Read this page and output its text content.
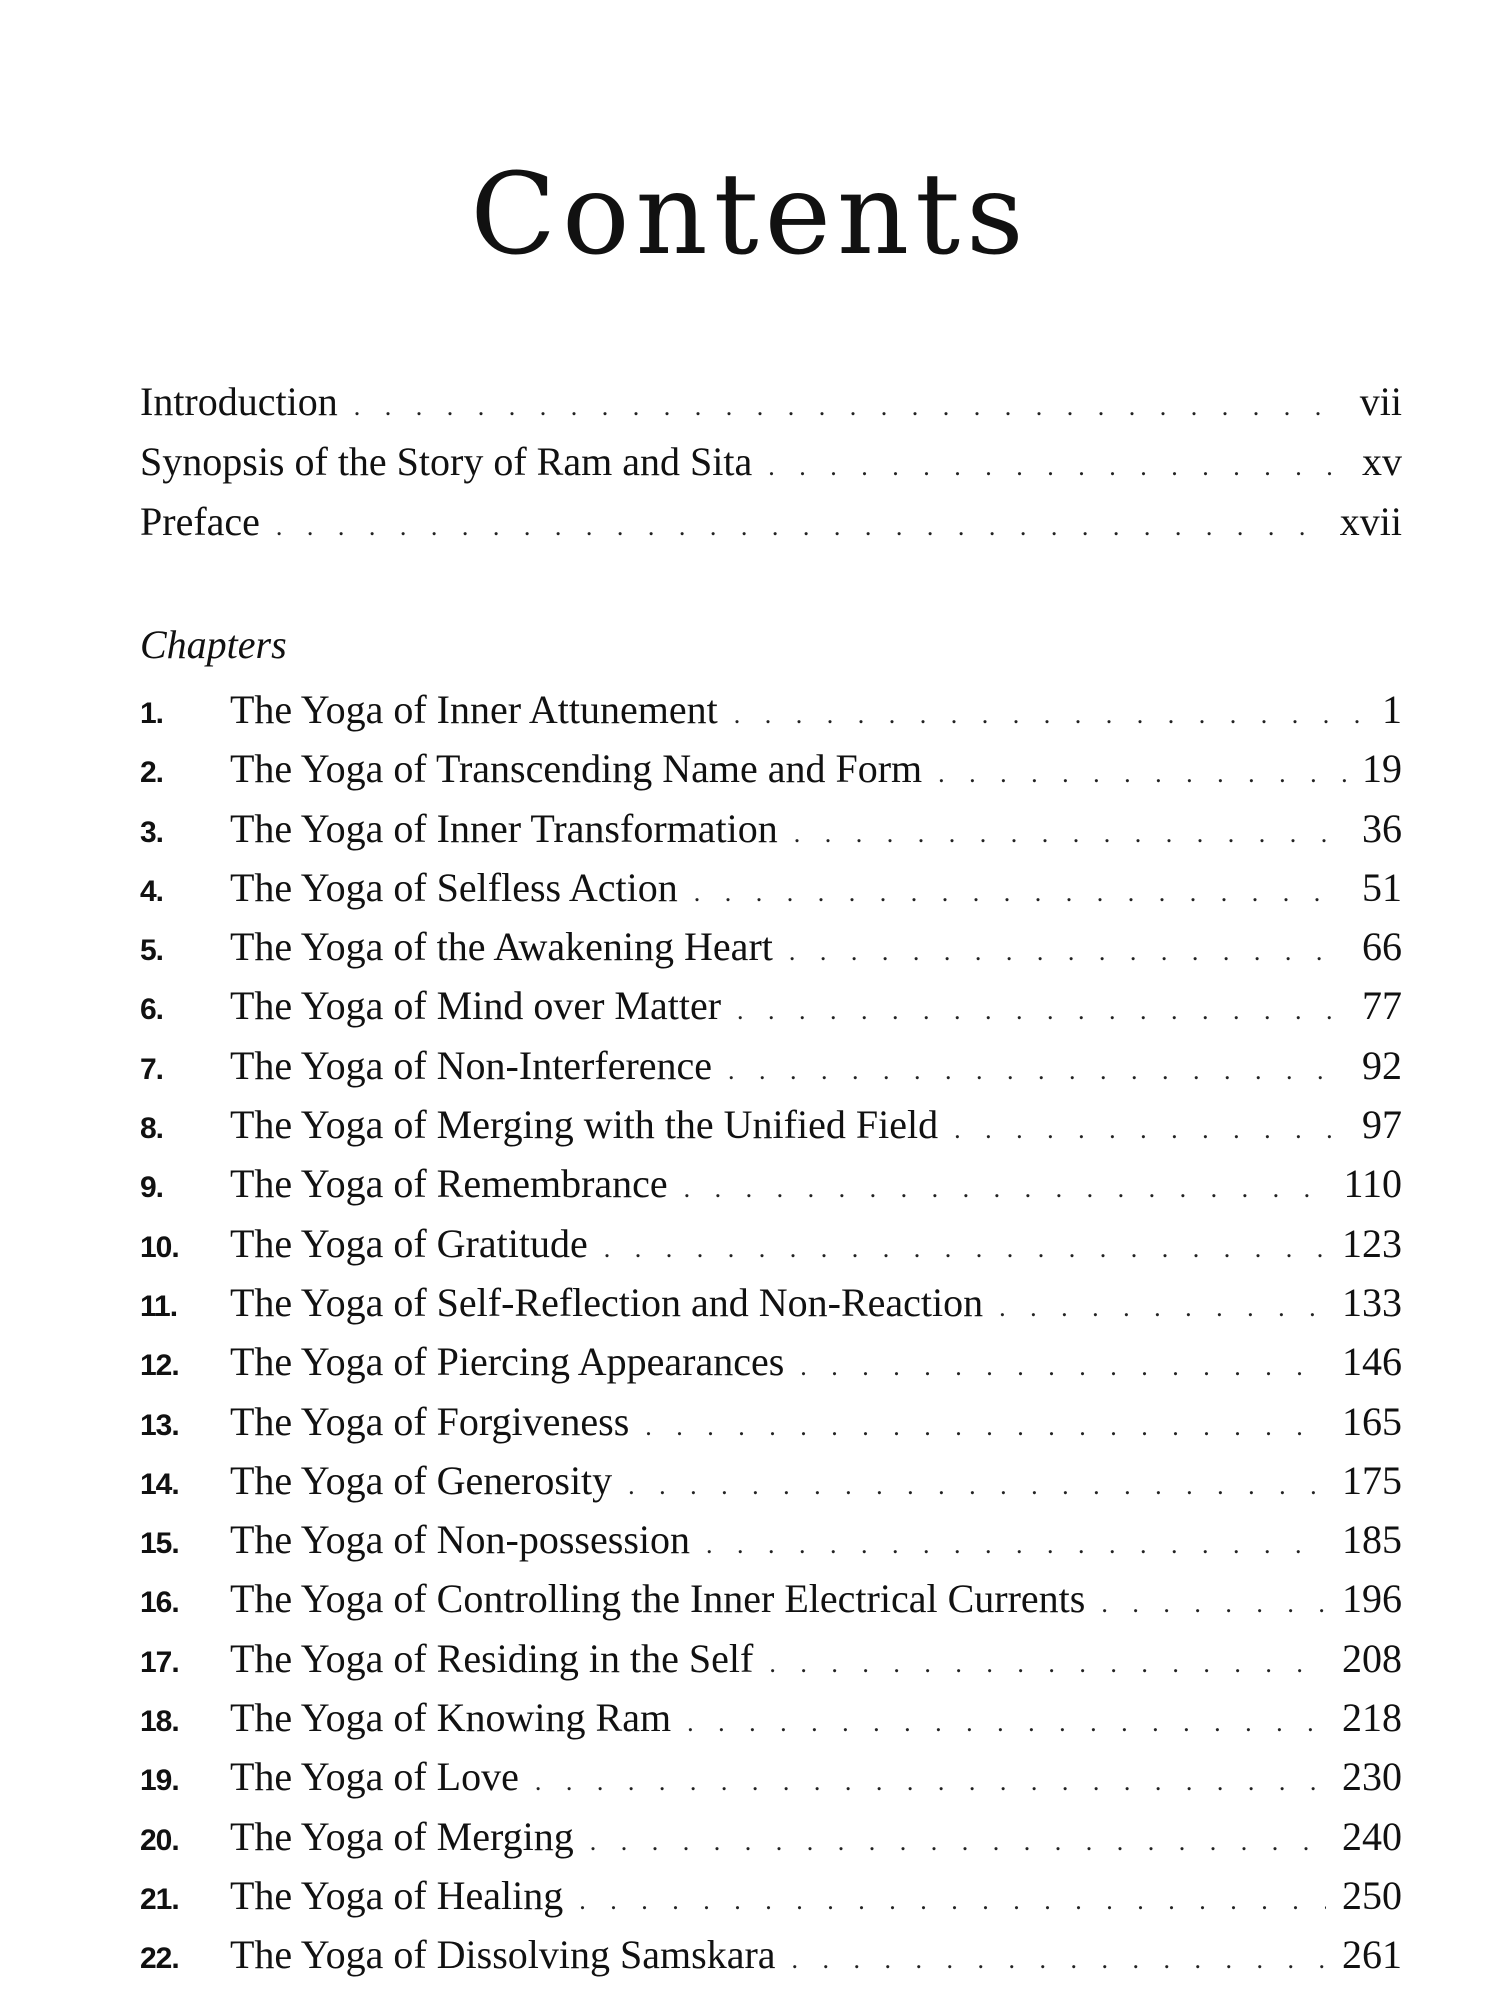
Contents
Introduction . . .	vii
Synopsis of the Story of Ram and Sita . . .	xv
Preface . . .	xvii
Chapters
1.	The Yoga of Inner Attunement . . .	1
2.	The Yoga of Transcending Name and Form . . .	19
3.	The Yoga of Inner Transformation . . .	36
4.	The Yoga of Selfless Action . . .	51
5.	The Yoga of the Awakening Heart . . .	66
6.	The Yoga of Mind over Matter . . .	77
7.	The Yoga of Non-Interference . . .	92
8.	The Yoga of Merging with the Unified Field . . .	97
9.	The Yoga of Remembrance . . .	110
10.	The Yoga of Gratitude . . .	123
11.	The Yoga of Self-Reflection and Non-Reaction . . .	133
12.	The Yoga of Piercing Appearances . . .	146
13.	The Yoga of Forgiveness . . .	165
14.	The Yoga of Generosity . . .	175
15.	The Yoga of Non-possession . . .	185
16.	The Yoga of Controlling the Inner Electrical Currents . . .	196
17.	The Yoga of Residing in the Self . . .	208
18.	The Yoga of Knowing Ram . . .	218
19.	The Yoga of Love . . .	230
20.	The Yoga of Merging . . .	240
21.	The Yoga of Healing . . .	250
22.	The Yoga of Dissolving Samskara . . .	261
